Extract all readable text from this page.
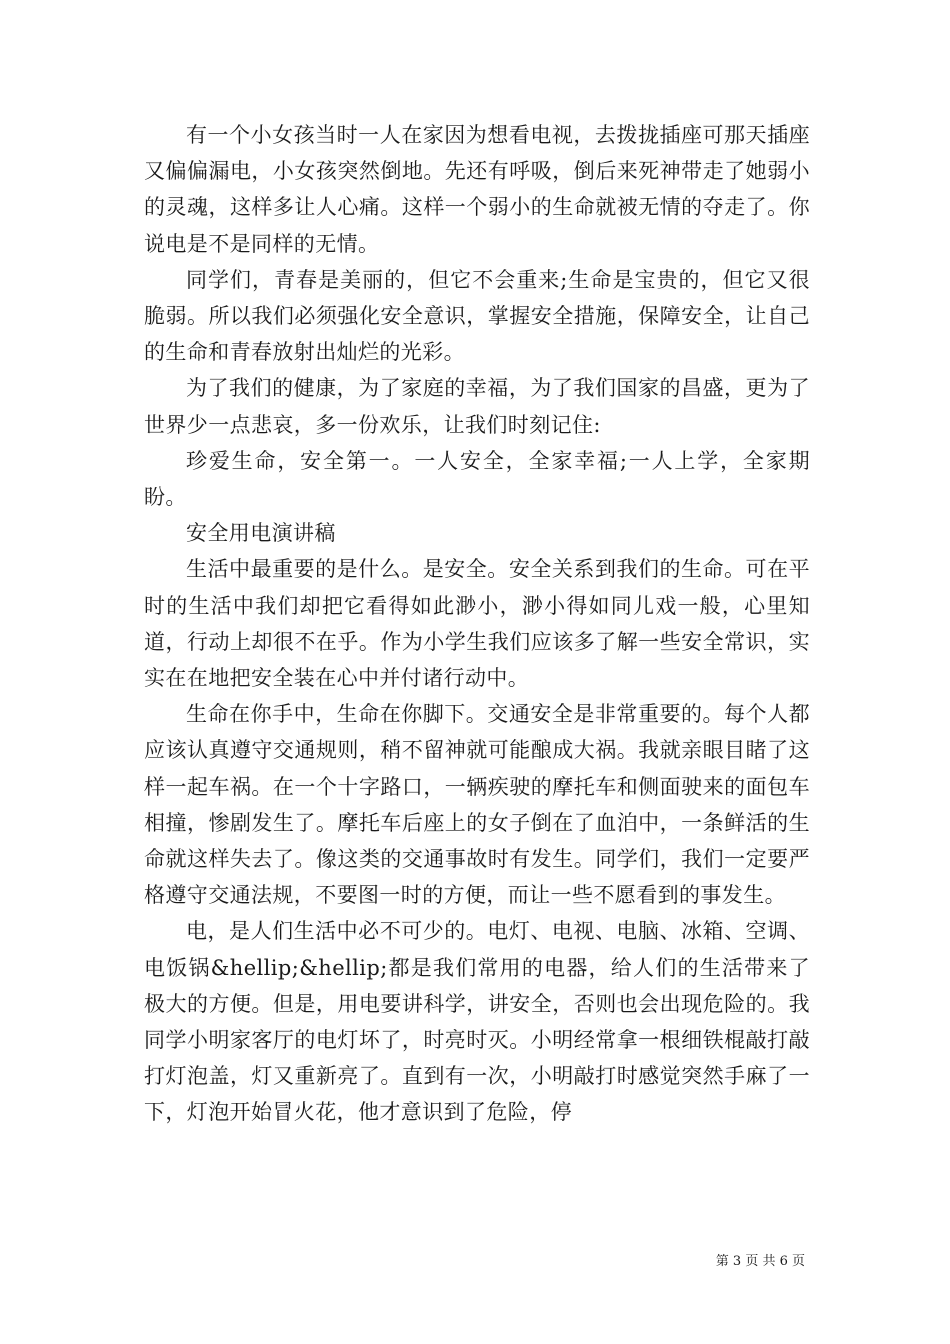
有一个小女孩当时一人在家因为想看电视，去拨拢插座可那天插座又偏偏漏电，小女孩突然倒地。先还有呼吸，倒后来死神带走了她弱小的灵魂，这样多让人心痛。这样一个弱小的生命就被无情的夺走了。你说电是不是同样的无情。

同学们，青春是美丽的，但它不会重来;生命是宝贵的，但它又很脆弱。所以我们必须强化安全意识，掌握安全措施，保障安全，让自己的生命和青春放射出灿烂的光彩。

为了我们的健康，为了家庭的幸福，为了我们国家的昌盛，更为了世界少一点悲哀，多一份欢乐，让我们时刻记住:

珍爱生命，安全第一。一人安全，全家幸福;一人上学，全家期盼。

安全用电演讲稿

生活中最重要的是什么。是安全。安全关系到我们的生命。可在平时的生活中我们却把它看得如此渺小，渺小得如同儿戏一般，心里知道，行动上却很不在乎。作为小学生我们应该多了解一些安全常识，实实在在地把安全装在心中并付诸行动中。

生命在你手中，生命在你脚下。交通安全是非常重要的。每个人都应该认真遵守交通规则，稍不留神就可能酿成大祸。我就亲眼目睹了这样一起车祸。在一个十字路口，一辆疾驶的摩托车和侧面驶来的面包车相撞，惨剧发生了。摩托车后座上的女子倒在了血泊中，一条鲜活的生命就这样失去了。像这类的交通事故时有发生。同学们，我们一定要严格遵守交通法规，不要图一时的方便，而让一些不愿看到的事发生。

电，是人们生活中必不可少的。电灯、电视、电脑、冰箱、空调、电饭锅&hellip;&hellip;都是我们常用的电器，给人们的生活带来了极大的方便。但是，用电要讲科学，讲安全，否则也会出现危险的。我同学小明家客厅的电灯坏了，时亮时灭。小明经常拿一根细铁棍敲打敲打灯泡盖，灯又重新亮了。直到有一次，小明敲打时感觉突然手麻了一下，灯泡开始冒火花，他才意识到了危险，停

第 3 页 共 6 页
